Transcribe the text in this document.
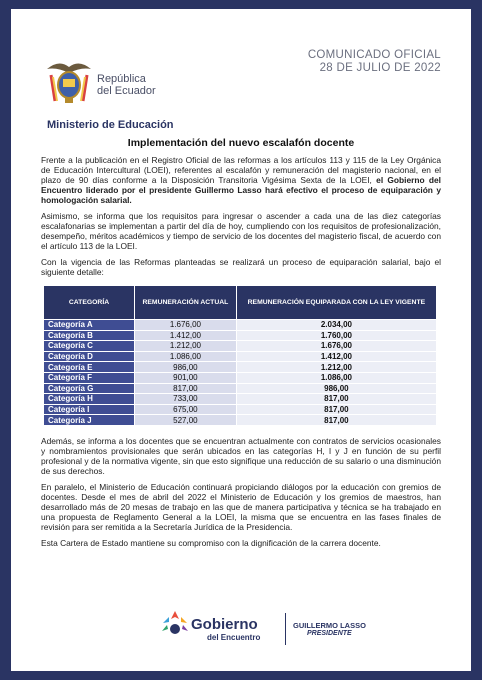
COMUNICADO OFICIAL
28 DE JULIO DE 2022
República
del Ecuador
Ministerio de Educación
Implementación del nuevo escalafón docente

Frente a la publicación en el Registro Oficial de las reformas a los artículos 113 y 115 de la Ley Orgánica de Educación Intercultural (LOEI), referentes al escalafón y remuneración del magisterio nacional, en el plazo de 90 días conforme a la Disposición Transitoria Vigésima Sexta de la LOEI, el Gobierno del Encuentro liderado por el presidente Guillermo Lasso hará efectivo el proceso de equiparación y homologación salarial.

Asimismo, se informa que los requisitos para ingresar o ascender a cada una de las diez categorías escalafonarias se implementan a partir del día de hoy, cumpliendo con los requisitos de profesionalización, desempeño, méritos académicos y tiempo de servicio de los docentes del magisterio fiscal, de acuerdo con el artículo 113 de la LOEI.

Con la vigencia de las Reformas planteadas se realizará un proceso de equiparación salarial, bajo el siguiente detalle:

CATEGORÍA	REMUNERACIÓN ACTUAL	REMUNERACIÓN EQUIPARADA CON LA LEY VIGENTE
Categoría A	1.676,00	2.034,00
Categoría B	1.412,00	1.760,00
Categoría C	1.212,00	1.676,00
Categoría D	1.086,00	1.412,00
Categoría E	986,00	1.212,00
Categoría F	901,00	1.086,00
Categoría G	817,00	986,00
Categoría H	733,00	817,00
Categoría I	675,00	817,00
Categoría J	527,00	817,00

Además, se informa a los docentes que se encuentran actualmente con contratos de servicios ocasionales y nombramientos provisionales que serán ubicados en las categorías H, I y J en función de su perfil profesional y de la normativa vigente, sin que esto signifique una reducción de su salario o una disminución de sus derechos.

En paralelo, el Ministerio de Educación continuará propiciando diálogos por la educación con gremios de docentes. Desde el mes de abril del 2022 el Ministerio de Educación y los gremios de maestros, han desarrollado más de 20 mesas de trabajo en las que de manera participativa y técnica se ha trabajado en una propuesta de Reglamento General a la LOEI, la misma que se encuentra en las fases finales de revisión para ser remitida a la Secretaría Jurídica de la Presidencia.

Esta Cartera de Estado mantiene su compromiso con la dignificación de la carrera docente.

Gobierno
del Encuentro
GUILLERMO LASSO
PRESIDENTE
